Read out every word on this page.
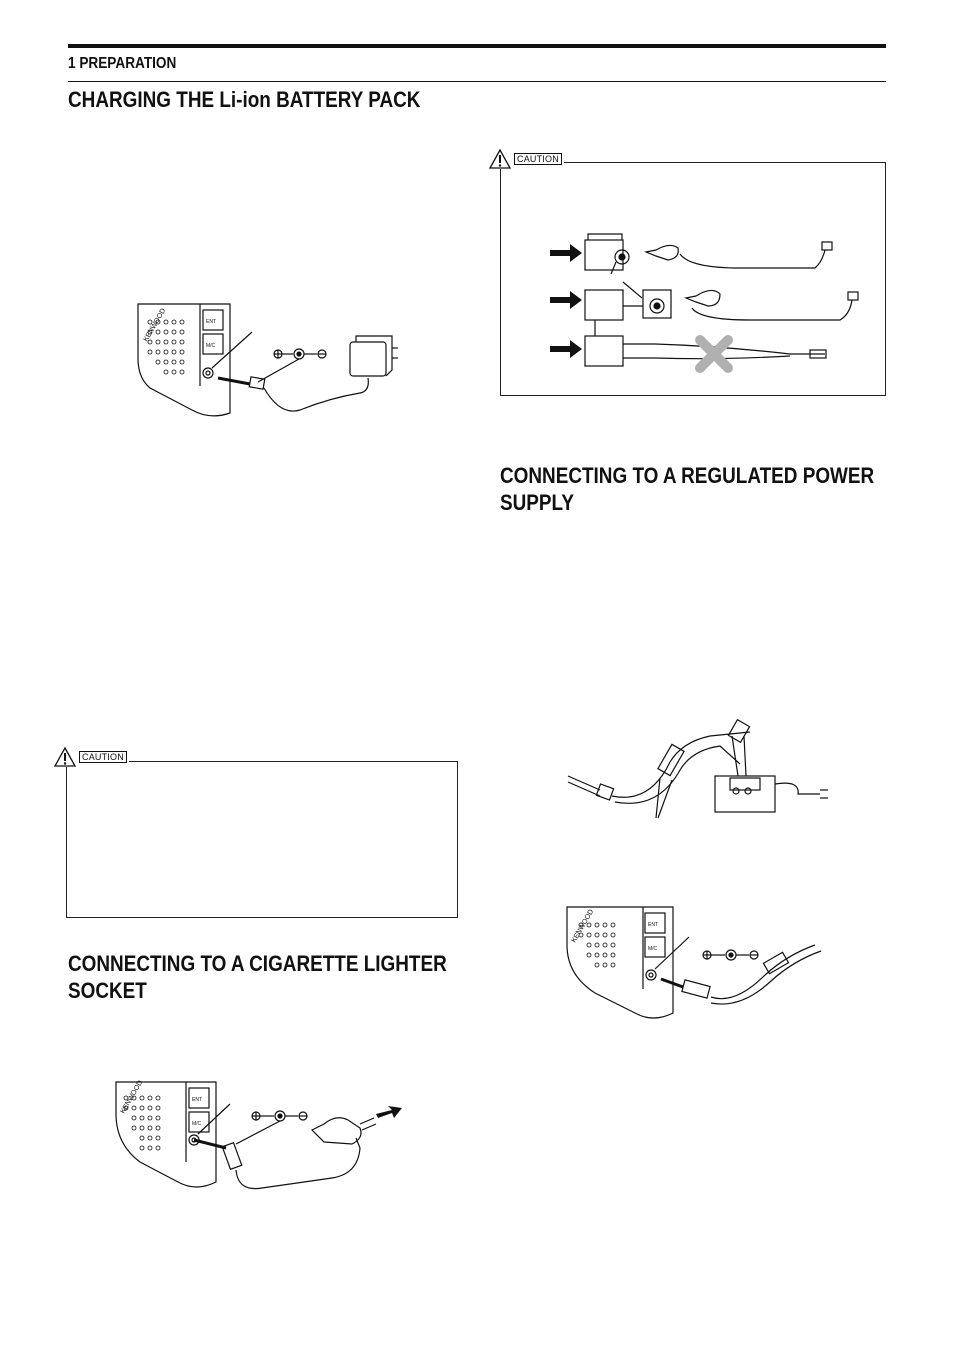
1 PREPARATION
CHARGING THE Li-ion BATTERY PACK
CONNECTING TO A REGULATED POWER
SUPPLY
CONNECTING TO A CIGARETTE LIGHTER
SOCKET
CAUTION
CAUTION
KENWOOD	ENT
M/C
KENWOOD	ENT
M/C
KENWOOD	ENT
M/C
